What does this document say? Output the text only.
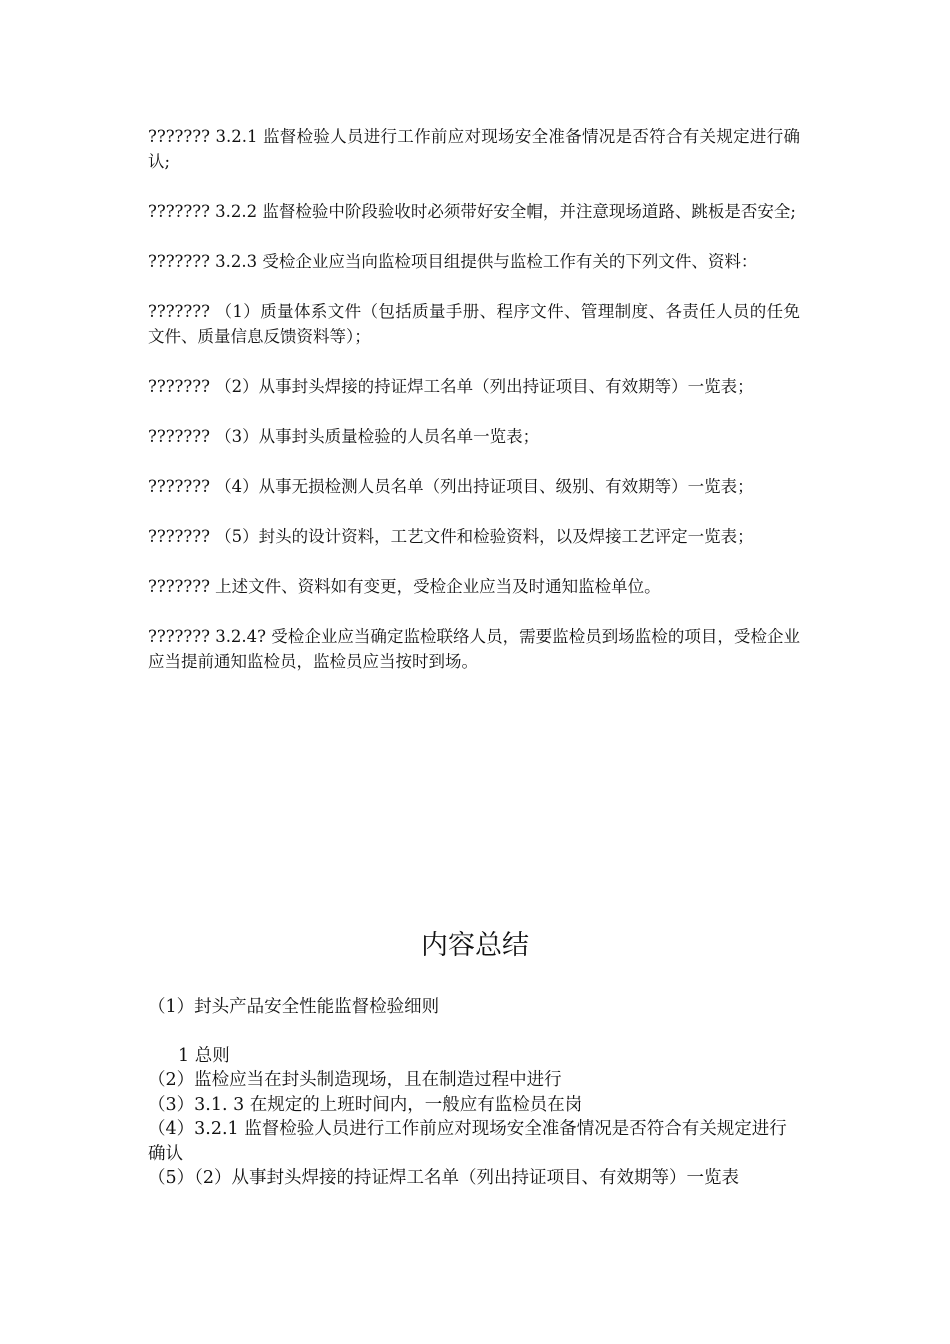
??????? 3.2.1 监督检验人员进行工作前应对现场安全准备情况是否符合有关规定进行确认;

??????? 3.2.2 监督检验中阶段验收时必须带好安全帽，并注意现场道路、跳板是否安全;

??????? 3.2.3 受检企业应当向监检项目组提供与监检工作有关的下列文件、资料：

??????? （1）质量体系文件（包括质量手册、程序文件、管理制度、各责任人员的任免文件、质量信息反馈资料等）；

??????? （2）从事封头焊接的持证焊工名单（列出持证项目、有效期等）一览表；

??????? （3）从事封头质量检验的人员名单一览表；

??????? （4）从事无损检测人员名单（列出持证项目、级别、有效期等）一览表；

??????? （5）封头的设计资料，工艺文件和检验资料，以及焊接工艺评定一览表；

??????? 上述文件、资料如有变更，受检企业应当及时通知监检单位。

??????? 3.2.4? 受检企业应当确定监检联络人员，需要监检员到场监检的项目，受检企业应当提前通知监检员，监检员应当按时到场。

内容总结

（1）封头产品安全性能监督检验细则

1 总则

（2）监检应当在封头制造现场，且在制造过程中进行

（3）3.1. 3 在规定的上班时间内，一般应有监检员在岗

（4）3.2.1 监督检验人员进行工作前应对现场安全准备情况是否符合有关规定进行确认

（5）（2）从事封头焊接的持证焊工名单（列出持证项目、有效期等）一览表
